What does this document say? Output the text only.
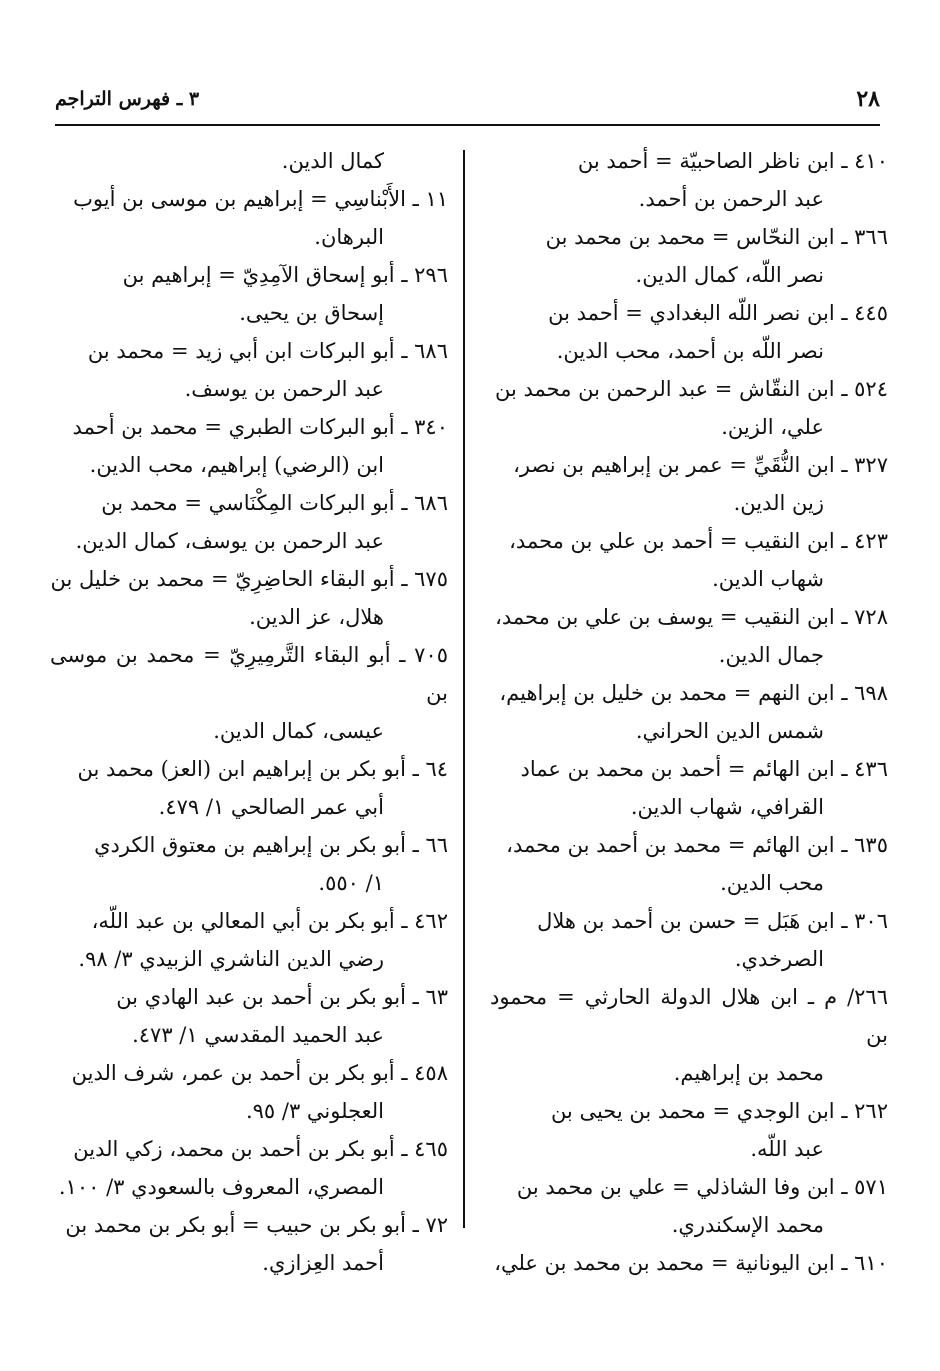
٢٨
٣ ـ فهرس التراجم
٤١٠ ـ ابن ناظر الصاحبيّة = أحمد بن
عبد الرحمن بن أحمد.
٣٦٦ ـ ابن النحّاس = محمد بن محمد بن
نصر اللّه، كمال الدين.
٤٤٥ ـ ابن نصر اللّه البغدادي = أحمد بن
نصر اللّه بن أحمد، محب الدين.
٥٢٤ ـ ابن النقّاش = عبد الرحمن بن محمد بن
علي، الزين.
٣٢٧ ـ ابن النُّقَيِّ = عمر بن إبراهيم بن نصر،
زين الدين.
٤٢٣ ـ ابن النقيب = أحمد بن علي بن محمد،
شهاب الدين.
٧٢٨ ـ ابن النقيب = يوسف بن علي بن محمد،
جمال الدين.
٦٩٨ ـ ابن النهم = محمد بن خليل بن إبراهيم،
شمس الدين الحراني.
٤٣٦ ـ ابن الهائم = أحمد بن محمد بن عماد
القرافي، شهاب الدين.
٦٣٥ ـ ابن الهائم = محمد بن أحمد بن محمد،
محب الدين.
٣٠٦ ـ ابن هَبَل = حسن بن أحمد بن هلال
الصرخدي.
٢٦٦/ م ـ ابن هلال الدولة الحارثي = محمود بن
محمد بن إبراهيم.
٢٦٢ ـ ابن الوجدي = محمد بن يحيى بن
عبد اللّه.
٥٧١ ـ ابن وفا الشاذلي = علي بن محمد بن
محمد الإسكندري.
٦١٠ ـ ابن اليونانية = محمد بن محمد بن علي،
كمال الدين.
١١ ـ الأَبْناسِي = إبراهيم بن موسى بن أيوب
البرهان.
٢٩٦ ـ أبو إسحاق الآمِدِيّ = إبراهيم بن
إسحاق بن يحيى.
٦٨٦ ـ أبو البركات ابن أبي زيد = محمد بن
عبد الرحمن بن يوسف.
٣٤٠ ـ أبو البركات الطبري = محمد بن أحمد
ابن (الرضي) إبراهيم، محب الدين.
٦٨٦ ـ أبو البركات المِكْنَاسي = محمد بن
عبد الرحمن بن يوسف، كمال الدين.
٦٧٥ ـ أبو البقاء الحاضِرِيّ = محمد بن خليل بن
هلال، عز الدين.
٧٠٥ ـ أبو البقاء التَّرمِيرِيّ = محمد بن موسى بن
عيسى، كمال الدين.
٦٤ ـ أبو بكر بن إبراهيم ابن (العز) محمد بن
أبي عمر الصالحي ١/ ٤٧٩.
٦٦ ـ أبو بكر بن إبراهيم بن معتوق الكردي
١/ ٥٥٠.
٤٦٢ ـ أبو بكر بن أبي المعالي بن عبد اللّه،
رضي الدين الناشري الزبيدي ٣/ ٩٨.
٦٣ ـ أبو بكر بن أحمد بن عبد الهادي بن
عبد الحميد المقدسي ١/ ٤٧٣.
٤٥٨ ـ أبو بكر بن أحمد بن عمر، شرف الدين
العجلوني ٣/ ٩٥.
٤٦٥ ـ أبو بكر بن أحمد بن محمد، زكي الدين
المصري، المعروف بالسعودي ٣/ ١٠٠.
٧٢ ـ أبو بكر بن حبيب = أبو بكر بن محمد بن
أحمد العِزازي.
